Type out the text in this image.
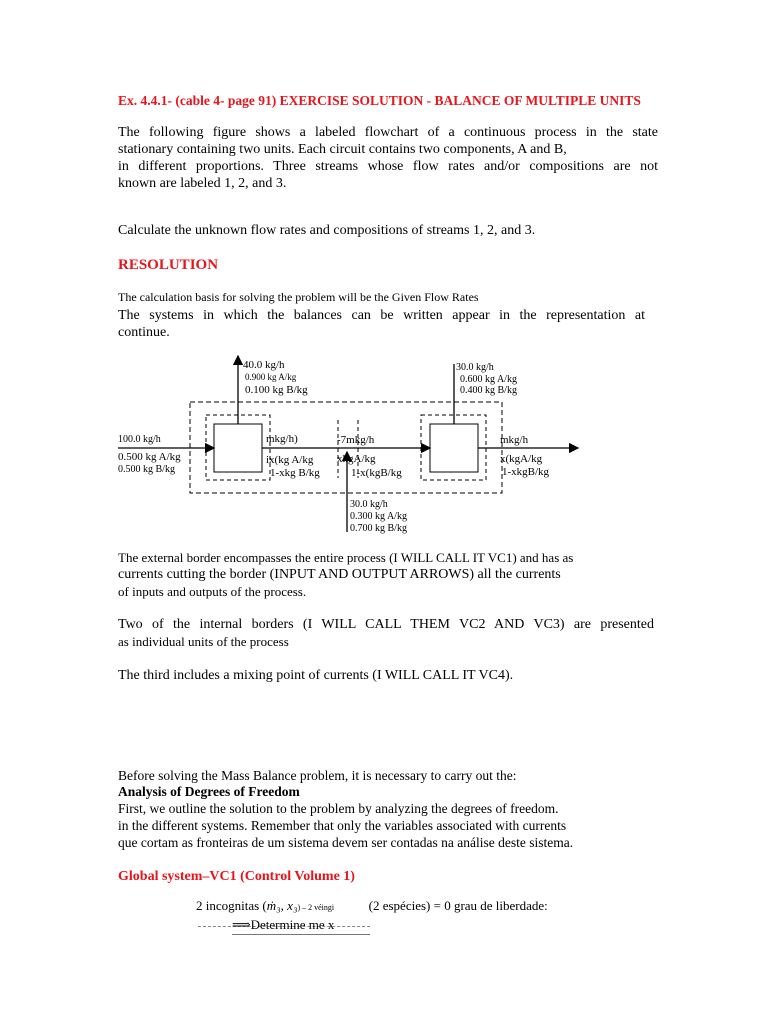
Ex. 4.4.1- (cable 4- page 91) EXERCISE SOLUTION - BALANCE OF MULTIPLE UNITS
The following figure shows a labeled flowchart of a continuous process in the state
stationary containing two units. Each circuit contains two components, A and B,
in different proportions. Three streams whose flow rates and/or compositions are not
known are labeled 1, 2, and 3.
Calculate the unknown flow rates and compositions of streams 1, 2, and 3.
RESOLUTION
The calculation basis for solving the problem will be the Given Flow Rates
The systems in which the balances can be written appear in the representation at
continue.
40.0 kg/h
0.900 kg A/kg
0.100 kg B/kg
30.0 kg/h
0.600 kg A/kg
0.400 kg B/kg
100.0 kg/h
0.500 kg A/kg
0.500 kg B/kg
mkg/h)
ix(kg A/kg
1-xkg B/kg
-7mkg/h
xkgA/kg
1-x(kgB/kg
mkg/h
x(kgA/kg
1-xkgB/kg
30.0 kg/h
0.300 kg A/kg
0.700 kg B/kg
The external border encompasses the entire process (I WILL CALL IT VC1) and has as
currents cutting the border (INPUT AND OUTPUT ARROWS) all the currents
of inputs and outputs of the process.
Two of the internal borders (I WILL CALL THEM VC2 AND VC3) are presented
as individual units of the process
The third includes a mixing point of currents (I WILL CALL IT VC4).
Before solving the Mass Balance problem, it is necessary to carry out the:
Analysis of Degrees of Freedom
First, we outline the solution to the problem by analyzing the degrees of freedom.
in the different systems. Remember that only the variables associated with currents
que cortam as fronteiras de um sistema devem ser contadas na análise deste sistema.
Global system–VC1 (Control Volume 1)
2 incognitas (ṁ₃, x₃) – 2 véingi	(2 espécies) = 0 grau de liberdade:
⟹Determine me x
